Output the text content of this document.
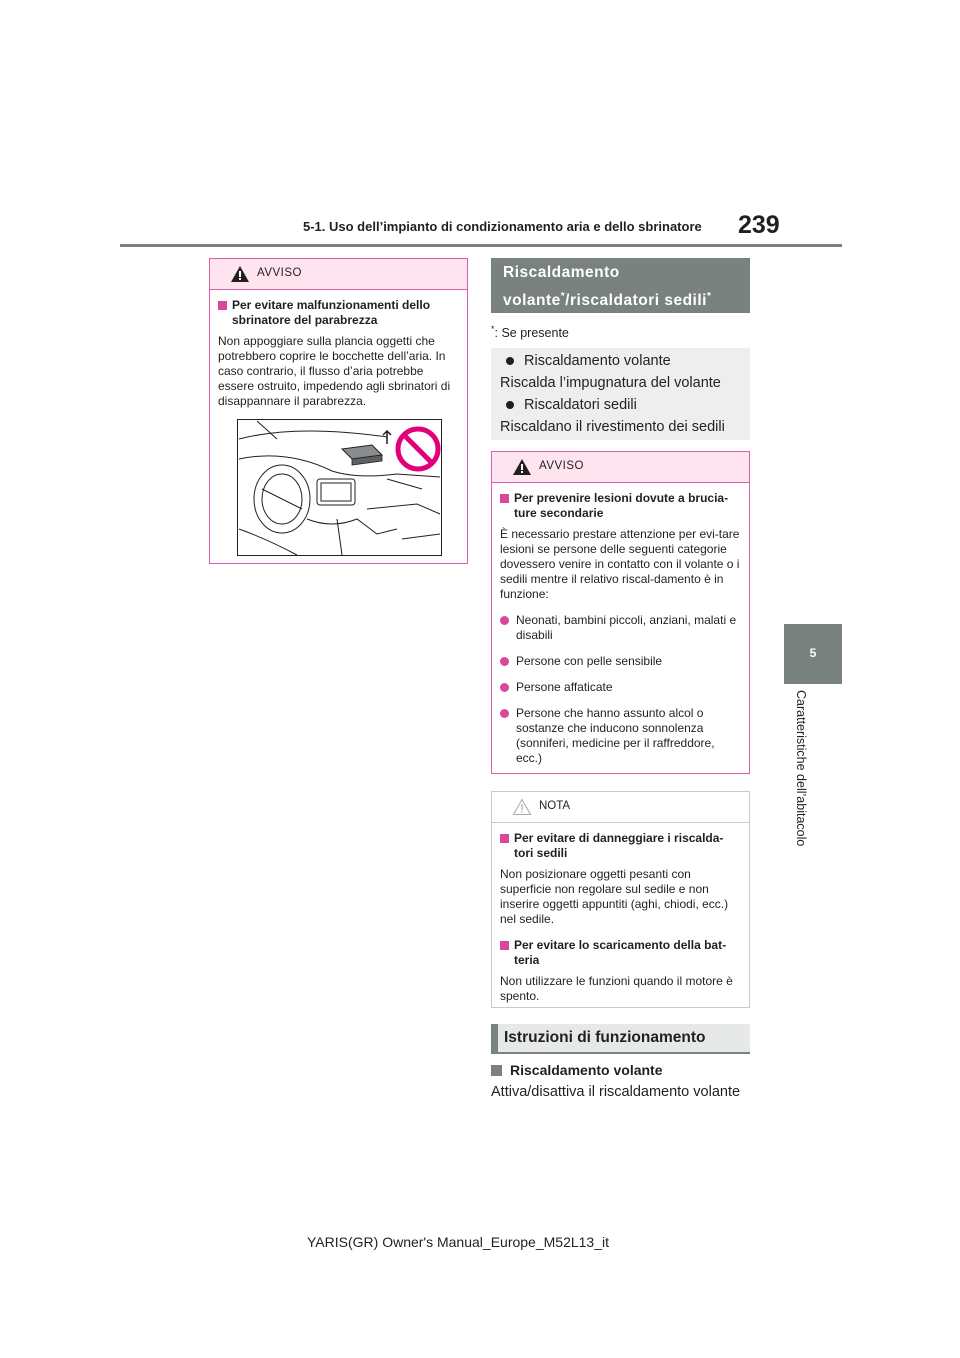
5-1. Uso dell’impianto di condizionamento aria e dello sbrinatore 239
5
Caratteristiche dell’abitacolo
AVVISO
Per evitare malfunzionamenti dello sbrinatore del parabrezza
Non appoggiare sulla plancia oggetti che potrebbero coprire le bocchette dell’aria. In caso contrario, il flusso d’aria potrebbe essere ostruito, impedendo agli sbrinatori di disappannare il parabrezza.
Riscaldamento
volante*/riscaldatori sedili*
*: Se presente
Riscaldamento volante
Riscalda l’impugnatura del volante
Riscaldatori sedili
Riscaldano il rivestimento dei sedili
AVVISO
Per prevenire lesioni dovute a brucia-ture secondarie
È necessario prestare attenzione per evi-tare lesioni se persone delle seguenti categorie dovessero venire in contatto con il volante o i sedili mentre il relativo riscal-damento è in funzione:
Neonati, bambini piccoli, anziani, malati e disabili
Persone con pelle sensibile
Persone affaticate
Persone che hanno assunto alcol o sostanze che inducono sonnolenza (sonniferi, medicine per il raffreddore, ecc.)
NOTA
Per evitare di danneggiare i riscalda-tori sedili
Non posizionare oggetti pesanti con superficie non regolare sul sedile e non inserire oggetti appuntiti (aghi, chiodi, ecc.) nel sedile.
Per evitare lo scaricamento della bat-teria
Non utilizzare le funzioni quando il motore è spento.
Istruzioni di funzionamento
Riscaldamento volante
Attiva/disattiva il riscaldamento volante
YARIS(GR) Owner's Manual_Europe_M52L13_it
